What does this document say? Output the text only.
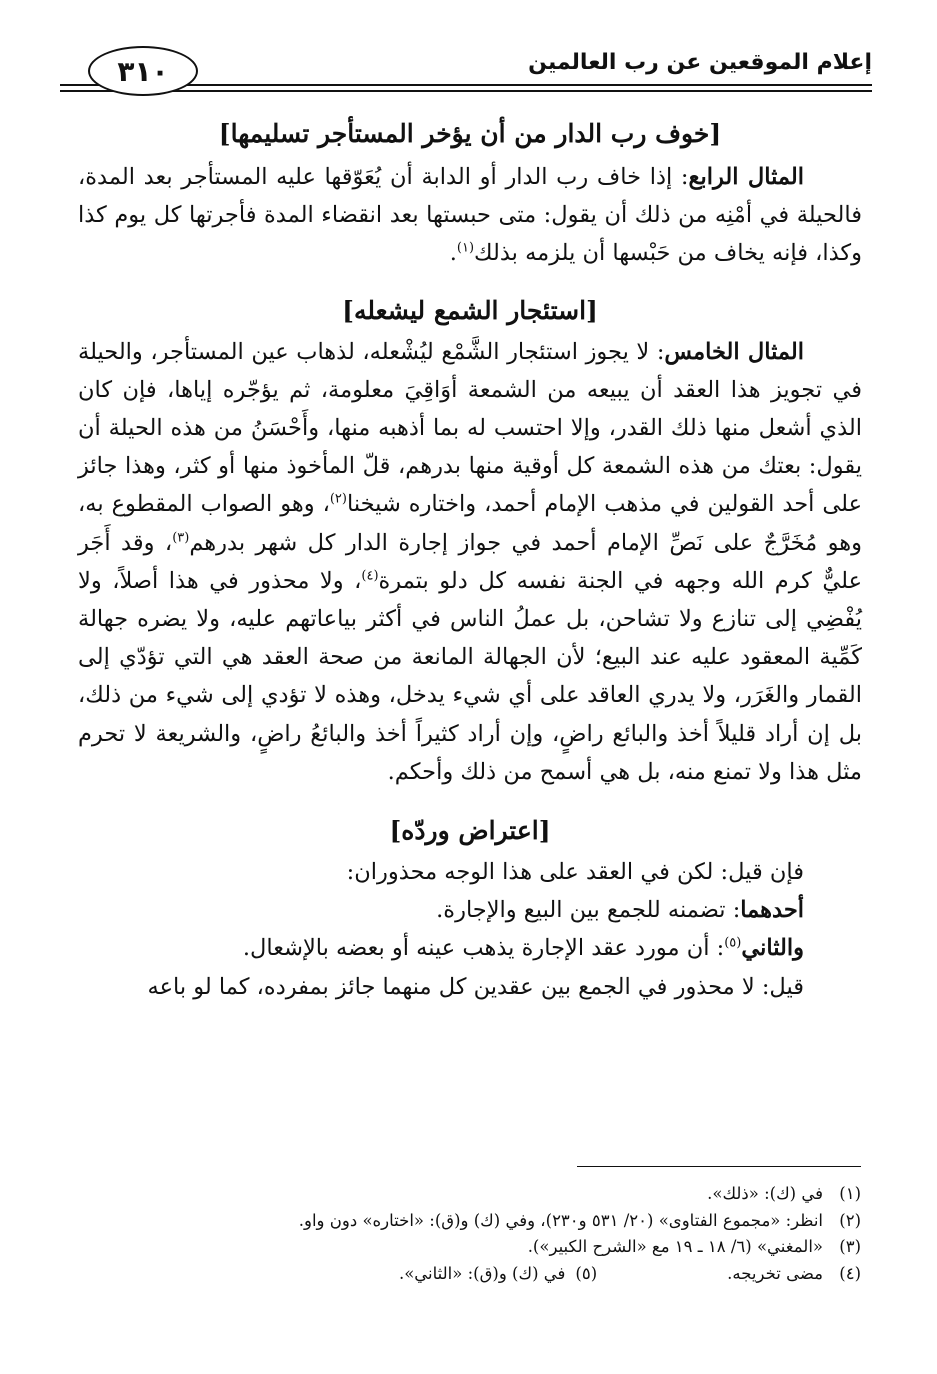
إعلام الموقعين عن رب العالمين
٣١٠
[خوف رب الدار من أن يؤخر المستأجر تسليمها]

المثال الرابع: إذا خاف رب الدار أو الدابة أن يُعَوّقها عليه المستأجر بعد المدة، فالحيلة في أمْنِه من ذلك أن يقول: متى حبستها بعد انقضاء المدة فأجرتها كل يوم كذا وكذا، فإنه يخاف من حَبْسها أن يلزمه بذلك$^{(١)}$.

[استئجار الشمع ليشعله]

المثال الخامس: لا يجوز استئجار الشَّمْع ليُشْعله، لذهاب عين المستأجر، والحيلة في تجويز هذا العقد أن يبيعه من الشمعة أوَاقِيَ معلومة، ثم يؤجّره إياها، فإن كان الذي أشعل منها ذلك القدر، وإلا احتسب له بما أذهبه منها، وأَحْسَنُ من هذه الحيلة أن يقول: بعتك من هذه الشمعة كل أوقية منها بدرهم، قلّ المأخوذ منها أو كثر، وهذا جائز على أحد القولين في مذهب الإمام أحمد، واختاره شيخنا$^{(٢)}$، وهو الصواب المقطوع به، وهو مُخَرَّجٌ على نَصِّ الإمام أحمد في جواز إجارة الدار كل شهر بدرهم$^{(٣)}$، وقد أَجَر عليٌّ كرم الله وجهه في الجنة نفسه كل دلو بتمرة$^{(٤)}$، ولا محذور في هذا أصلاً، ولا يُفْضِي إلى تنازع ولا تشاحن، بل عملُ الناس في أكثر بياعاتهم عليه، ولا يضره جهالة كَمِّية المعقود عليه عند البيع؛ لأن الجهالة المانعة من صحة العقد هي التي تؤدّي إلى القمار والغَرَر، ولا يدري العاقد على أي شيء يدخل، وهذه لا تؤدي إلى شيء من ذلك، بل إن أراد قليلاً أخذ والبائع راضٍ، وإن أراد كثيراً أخذ والبائعُ راضٍ، والشريعة لا تحرم مثل هذا ولا تمنع منه، بل هي أسمح من ذلك وأحكم.

[اعتراض وردّه]

فإن قيل: لكن في العقد على هذا الوجه محذوران:

أحدهما: تضمنه للجمع بين البيع والإجارة.

والثاني$^{(٥)}$: أن مورد عقد الإجارة يذهب عينه أو بعضه بالإشعال.

قيل: لا محذور في الجمع بين عقدين كل منهما جائز بمفرده، كما لو باعه

(١)
في (ك): «ذلك».
(٢)
انظر: «مجموع الفتاوى» (٢٠/ ٥٣١ و٢٣٠)، وفي (ك) و(ق): «اختاره» دون واو.
(٣)
«المغني» (٦/ ١٨ ـ ١٩ مع «الشرح الكبير»).
(٤)
مضى تخريجه.
(٥)
في (ك) و(ق): «الثاني».
